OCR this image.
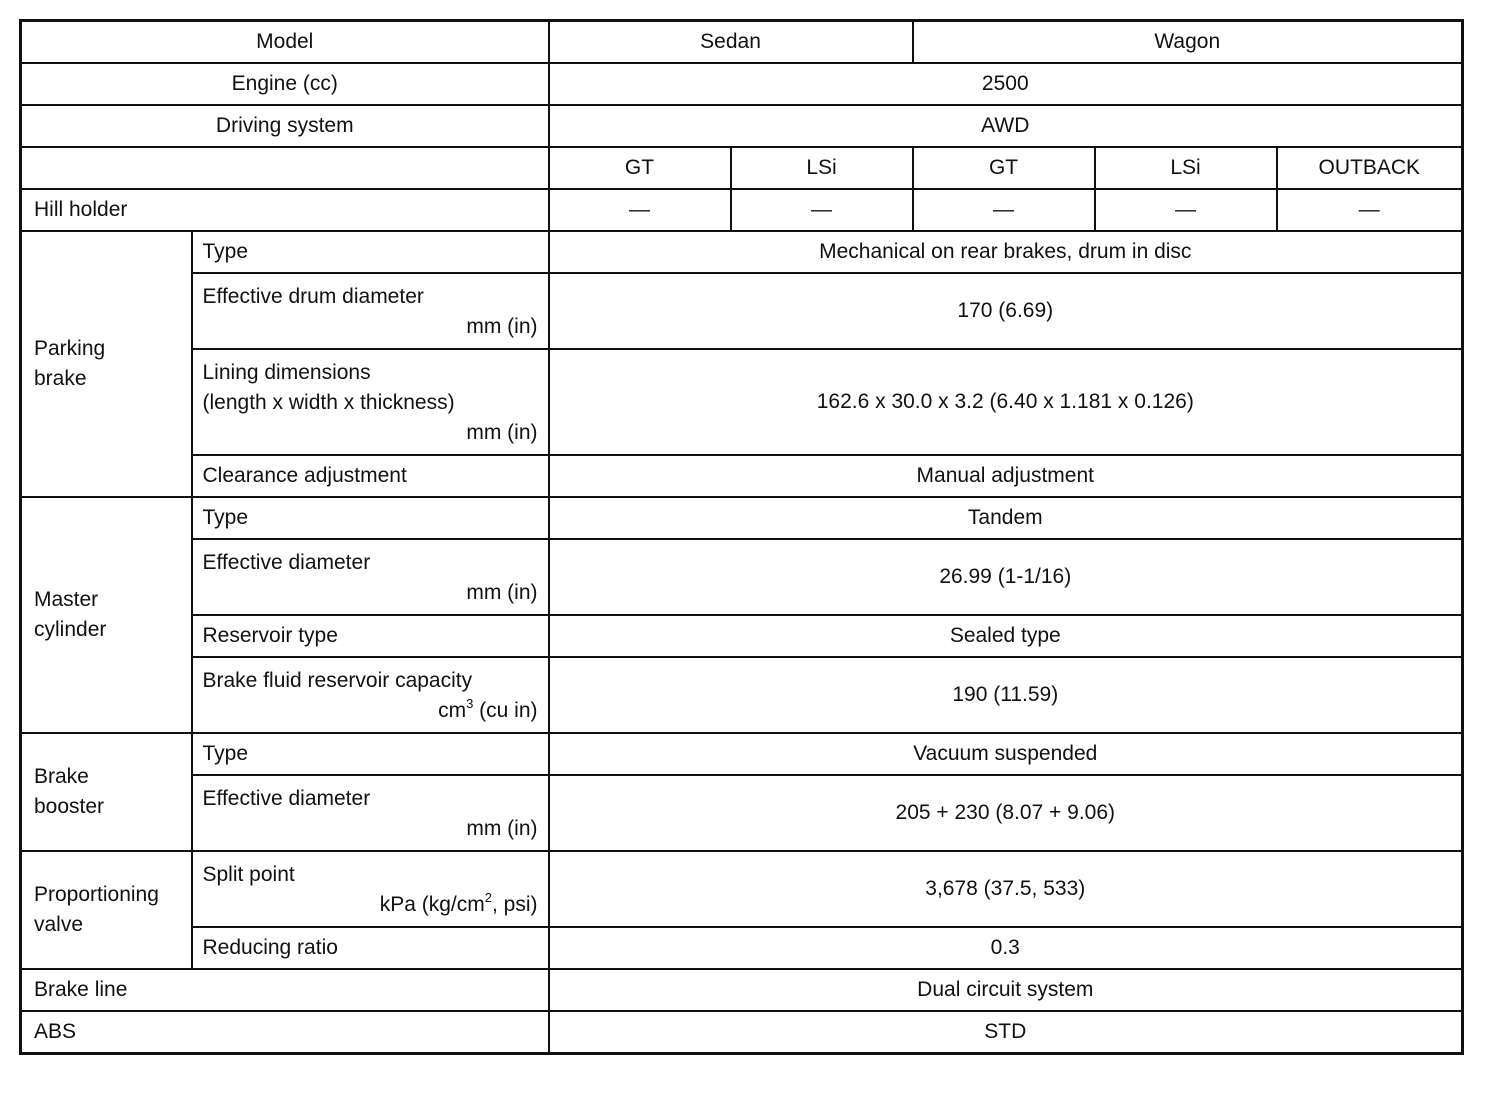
Model		Sedan		Wagon		
Engine (cc)		2500				
Driving system		AWD				
		GT	LSi	GT	LSi	OUTBACK
Hill holder		—	—	—	—	—

Parking
brake	Type	Mechanical on rear brakes, drum in disc				

	Effective drum diameter
mm (in)	170 (6.69)				

	Lining dimensions
(length x width x thickness)
mm (in)	162.6 x 30.0 x 3.2 (6.40 x 1.181 x 0.126)				
	Clearance adjustment	Manual adjustment				

Master
cylinder	Type	Tandem				

	Effective diameter
mm (in)	26.99 (1-1/16)				
	Reservoir type	Sealed type				

	Brake fluid reservoir capacity
$cm^3$ (cu in)	190 (11.59)				

Brake
booster	Type	Vacuum suspended				

	Effective diameter
mm (in)	205 + 230 (8.07 + 9.06)				

Proportioning
valve	Split point
kPa ($kg/cm^2$, psi)	3,678 (37.5, 533)				
	Reducing ratio	0.3				
Brake line		Dual circuit system				
ABS		STD				
